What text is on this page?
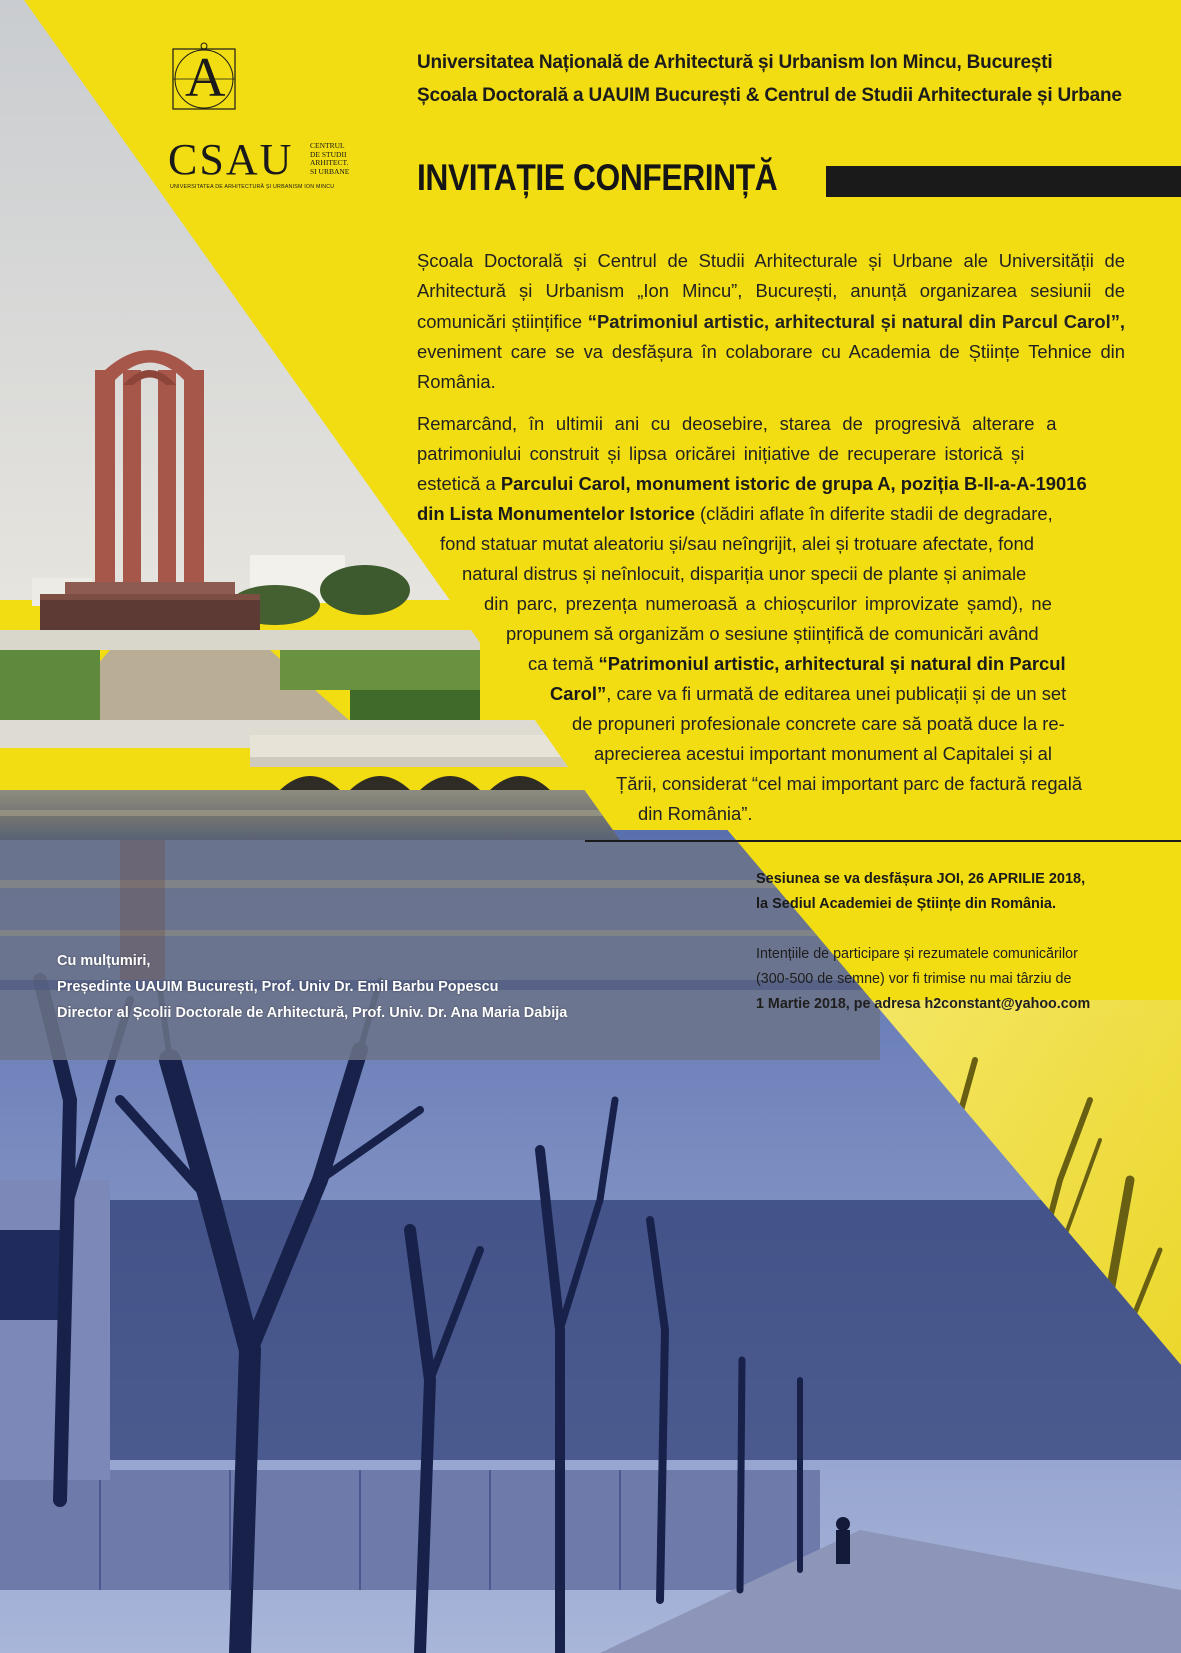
A
CSAU CENTRUL
DE STUDII
ARHITECT.
SI URBANE
UNIVERSITATEA DE ARHITECTURĂ ȘI URBANISM ION MINCU
Universitatea Națională de Arhitectură și Urbanism Ion Mincu, București
Școala Doctorală a UAUIM București & Centrul de Studii Arhitecturale și Urbane
INVITAȚIE CONFERINȚĂ
Școala Doctorală și Centrul de Studii Arhitecturale și Urbane ale Universității de Arhitectură și Urbanism „Ion Mincu”, București, anunță organizarea sesiunii de comunicări științifice “Patrimoniul artistic, arhitectural și natural din Parcul Carol”, eveniment care se va desfășura în colaborare cu Academia de Științe Tehnice din România.
Remarcând, în ultimii ani cu deosebire, starea de progresivă alterare a
patrimoniului construit și lipsa oricărei inițiative de recuperare istorică și
estetică a Parcului Carol, monument istoric de grupa A, poziția B-II-a-A-19016
din Lista Monumentelor Istorice (clădiri aflate în diferite stadii de degradare,
fond statuar mutat aleatoriu și/sau neîngrijit, alei și trotuare afectate, fond
natural distrus și neînlocuit, dispariția unor specii de plante și animale
din parc, prezența numeroasă a chioșcurilor improvizate șamd), ne
propunem să organizăm o sesiune științifică de comunicări având
ca temă “Patrimoniul artistic, arhitectural și natural din Parcul
Carol”, care va fi urmată de editarea unei publicații și de un set
de propuneri profesionale concrete care să poată duce la re-
aprecierea acestui important monument al Capitalei și al
Țării, considerat “cel mai important parc de factură regală
din România”.
Sesiunea se va desfășura JOI, 26 APRILIE 2018,
la Sediul Academiei de Științe din România.
Intențiile de participare și rezumatele comunicărilor
(300-500 de semne) vor fi trimise nu mai târziu de
1 Martie 2018, pe adresa h2constant@yahoo.com
Cu mulțumiri,
Președinte UAUIM București, Prof. Univ Dr. Emil Barbu Popescu
Director al Școlii Doctorale de Arhitectură, Prof. Univ. Dr. Ana Maria Dabija
